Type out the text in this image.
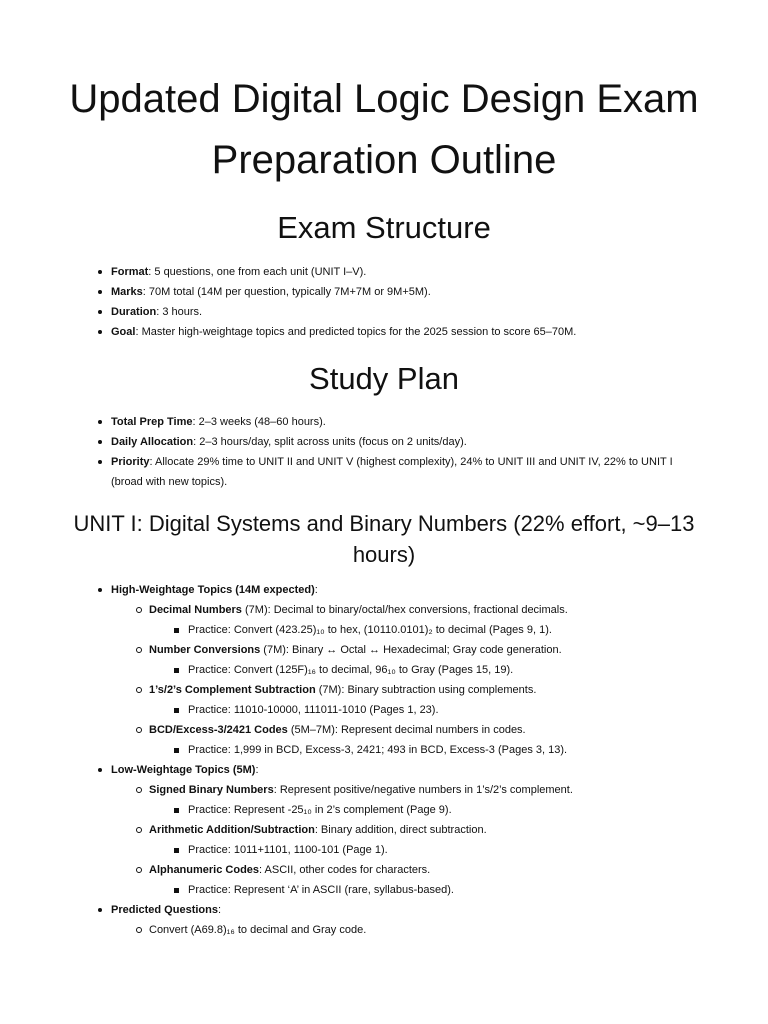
Updated Digital Logic Design Exam Preparation Outline
Exam Structure
Format: 5 questions, one from each unit (UNIT I–V).
Marks: 70M total (14M per question, typically 7M+7M or 9M+5M).
Duration: 3 hours.
Goal: Master high-weightage topics and predicted topics for the 2025 session to score 65–70M.
Study Plan
Total Prep Time: 2–3 weeks (48–60 hours).
Daily Allocation: 2–3 hours/day, split across units (focus on 2 units/day).
Priority: Allocate 29% time to UNIT II and UNIT V (highest complexity), 24% to UNIT III and UNIT IV, 22% to UNIT I (broad with new topics).
UNIT I: Digital Systems and Binary Numbers (22% effort, ~9–13 hours)
High-Weightage Topics (14M expected):
Decimal Numbers (7M): Decimal to binary/octal/hex conversions, fractional decimals.
Practice: Convert (423.25)₁₀ to hex, (10110.0101)₂ to decimal (Pages 9, 1).
Number Conversions (7M): Binary ↔ Octal ↔ Hexadecimal; Gray code generation.
Practice: Convert (125F)₁₆ to decimal, 96₁₀ to Gray (Pages 15, 19).
1’s/2’s Complement Subtraction (7M): Binary subtraction using complements.
Practice: 11010-10000, 111011-1010 (Pages 1, 23).
BCD/Excess-3/2421 Codes (5M–7M): Represent decimal numbers in codes.
Practice: 1,999 in BCD, Excess-3, 2421; 493 in BCD, Excess-3 (Pages 3, 13).
Low-Weightage Topics (5M):
Signed Binary Numbers: Represent positive/negative numbers in 1’s/2’s complement.
Practice: Represent -25₁₀ in 2’s complement (Page 9).
Arithmetic Addition/Subtraction: Binary addition, direct subtraction.
Practice: 1011+1101, 1100-101 (Page 1).
Alphanumeric Codes: ASCII, other codes for characters.
Practice: Represent ‘A’ in ASCII (rare, syllabus-based).
Predicted Questions:
Convert (A69.8)₁₆ to decimal and Gray code.
